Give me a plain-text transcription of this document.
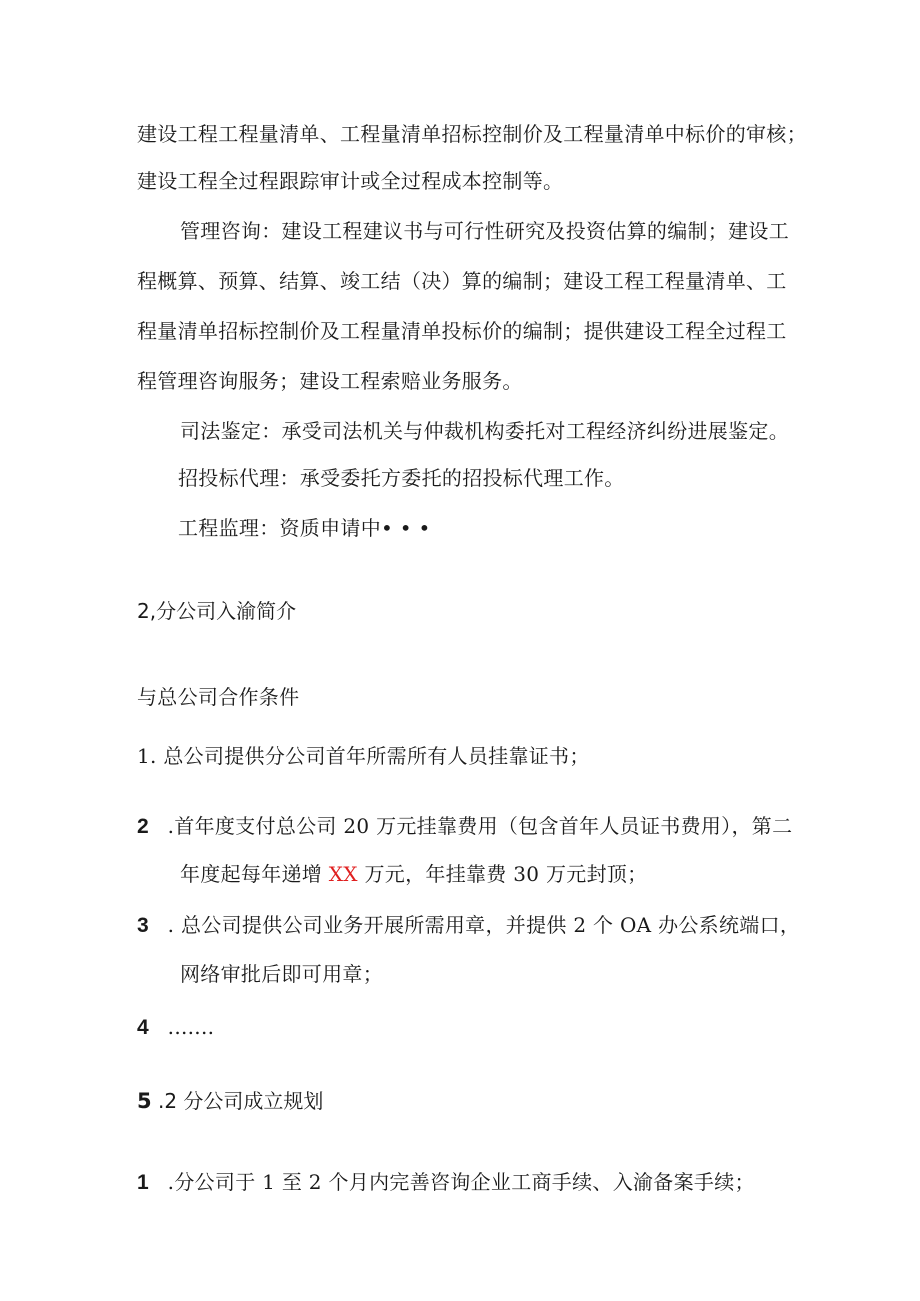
建设工程工程量清单、工程量清单招标控制价及工程量清单中标价的审核；
建设工程全过程跟踪审计或全过程成本控制等。
管理咨询：建设工程建议书与可行性研究及投资估算的编制；建设工
程概算、预算、结算、竣工结（决）算的编制；建设工程工程量清单、工
程量清单招标控制价及工程量清单投标价的编制；提供建设工程全过程工
程管理咨询服务；建设工程索赔业务服务。
司法鉴定：承受司法机关与仲裁机构委托对工程经济纠纷进展鉴定。
招投标代理：承受委托方委托的招投标代理工作。
工程监理：资质申请中• • •
2,分公司入渝简介
与总公司合作条件
1. 总公司提供分公司首年所需所有人员挂靠证书；
2 .首年度支付总公司 20 万元挂靠费用（包含首年人员证书费用），第二
年度起每年递增 XX 万元，年挂靠费 30 万元封顶；
3 . 总公司提供公司业务开展所需用章，并提供 2 个 OA 办公系统端口，
网络审批后即可用章；
4 .......
5 .2 分公司成立规划
1 .分公司于 1 至 2 个月内完善咨询企业工商手续、入渝备案手续；
